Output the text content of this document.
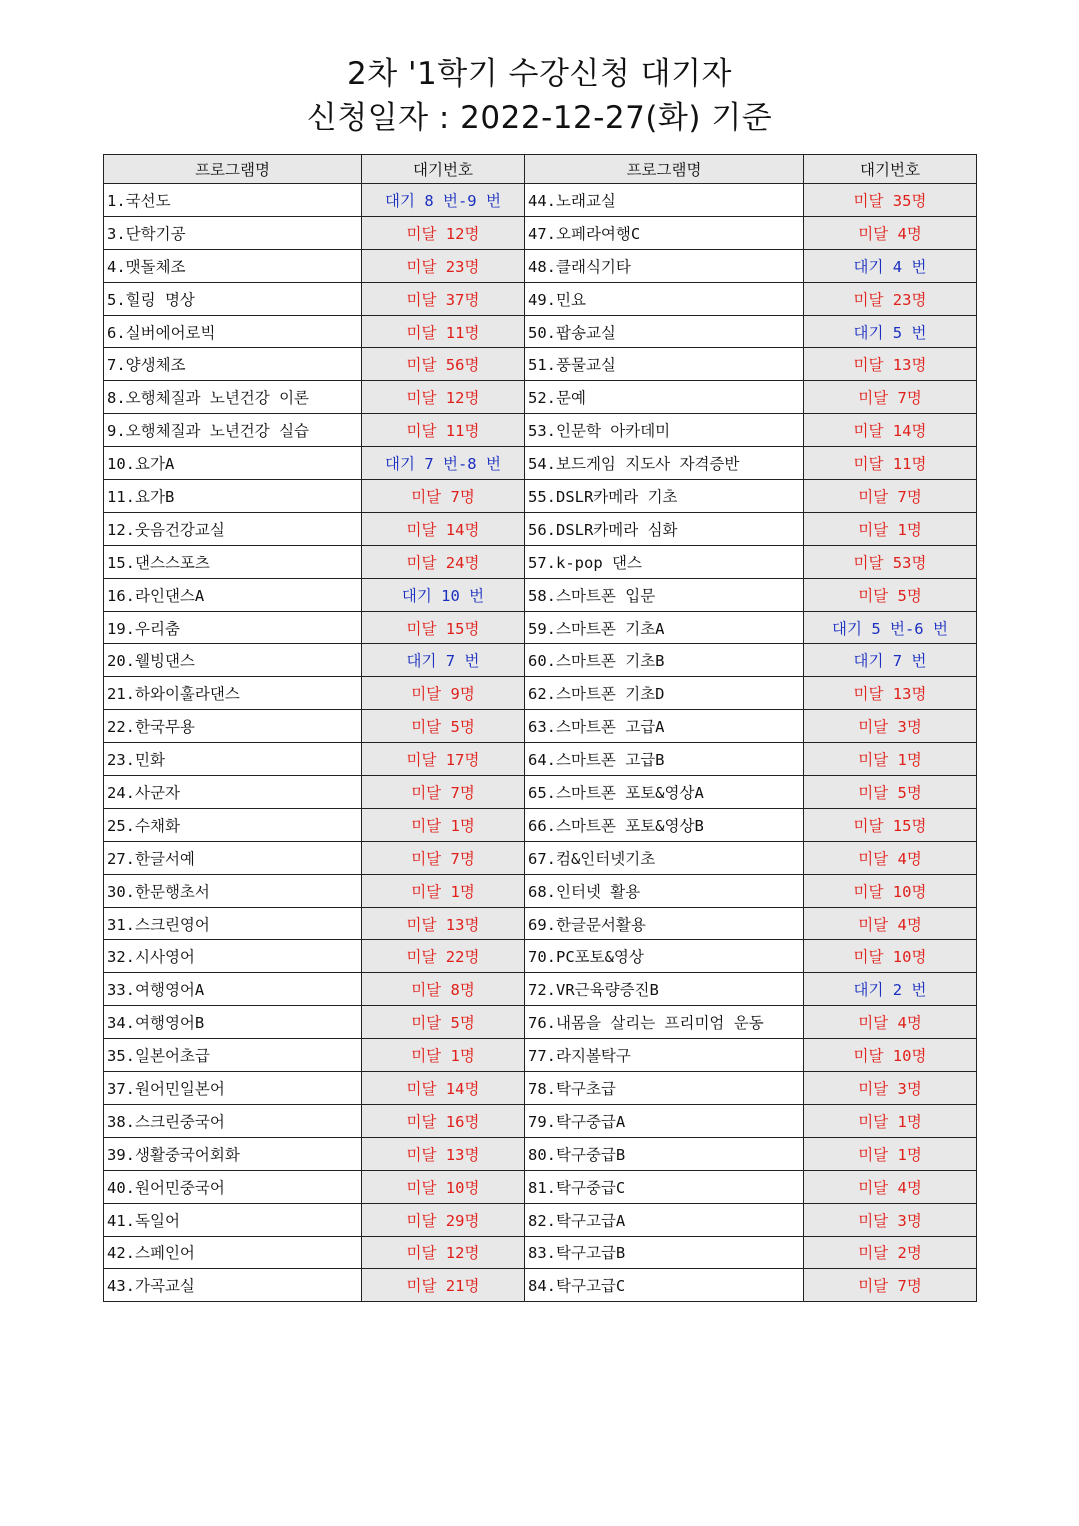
2차 '1학기 수강신청 대기자
신청일자 : 2022-12-27(화) 기준
프로그램명	대기번호	프로그램명	대기번호
1.국선도	대기 8 번-9 번	44.노래교실	미달 35명
3.단학기공	미달 12명	47.오페라여행C	미달 4명
4.맷돌체조	미달 23명	48.클래식기타	대기 4 번
5.힐링 명상	미달 37명	49.민요	미달 23명
6.실버에어로빅	미달 11명	50.팝송교실	대기 5 번
7.양생체조	미달 56명	51.풍물교실	미달 13명
8.오행체질과 노년건강 이론	미달 12명	52.문예	미달 7명
9.오행체질과 노년건강 실습	미달 11명	53.인문학 아카데미	미달 14명
10.요가A	대기 7 번-8 번	54.보드게임 지도사 자격증반	미달 11명
11.요가B	미달 7명	55.DSLR카메라 기초	미달 7명
12.웃음건강교실	미달 14명	56.DSLR카메라 심화	미달 1명
15.댄스스포츠	미달 24명	57.k-pop 댄스	미달 53명
16.라인댄스A	대기 10 번	58.스마트폰 입문	미달 5명
19.우리춤	미달 15명	59.스마트폰 기초A	대기 5 번-6 번
20.웰빙댄스	대기 7 번	60.스마트폰 기초B	대기 7 번
21.하와이훌라댄스	미달 9명	62.스마트폰 기초D	미달 13명
22.한국무용	미달 5명	63.스마트폰 고급A	미달 3명
23.민화	미달 17명	64.스마트폰 고급B	미달 1명
24.사군자	미달 7명	65.스마트폰 포토&영상A	미달 5명
25.수채화	미달 1명	66.스마트폰 포토&영상B	미달 15명
27.한글서예	미달 7명	67.컴&인터넷기초	미달 4명
30.한문행초서	미달 1명	68.인터넷 활용	미달 10명
31.스크린영어	미달 13명	69.한글문서활용	미달 4명
32.시사영어	미달 22명	70.PC포토&영상	미달 10명
33.여행영어A	미달 8명	72.VR근육량증진B	대기 2 번
34.여행영어B	미달 5명	76.내몸을 살리는 프리미엄 운동	미달 4명
35.일본어초급	미달 1명	77.라지볼탁구	미달 10명
37.원어민일본어	미달 14명	78.탁구초급	미달 3명
38.스크린중국어	미달 16명	79.탁구중급A	미달 1명
39.생활중국어회화	미달 13명	80.탁구중급B	미달 1명
40.원어민중국어	미달 10명	81.탁구중급C	미달 4명
41.독일어	미달 29명	82.탁구고급A	미달 3명
42.스페인어	미달 12명	83.탁구고급B	미달 2명
43.가곡교실	미달 21명	84.탁구고급C	미달 7명
